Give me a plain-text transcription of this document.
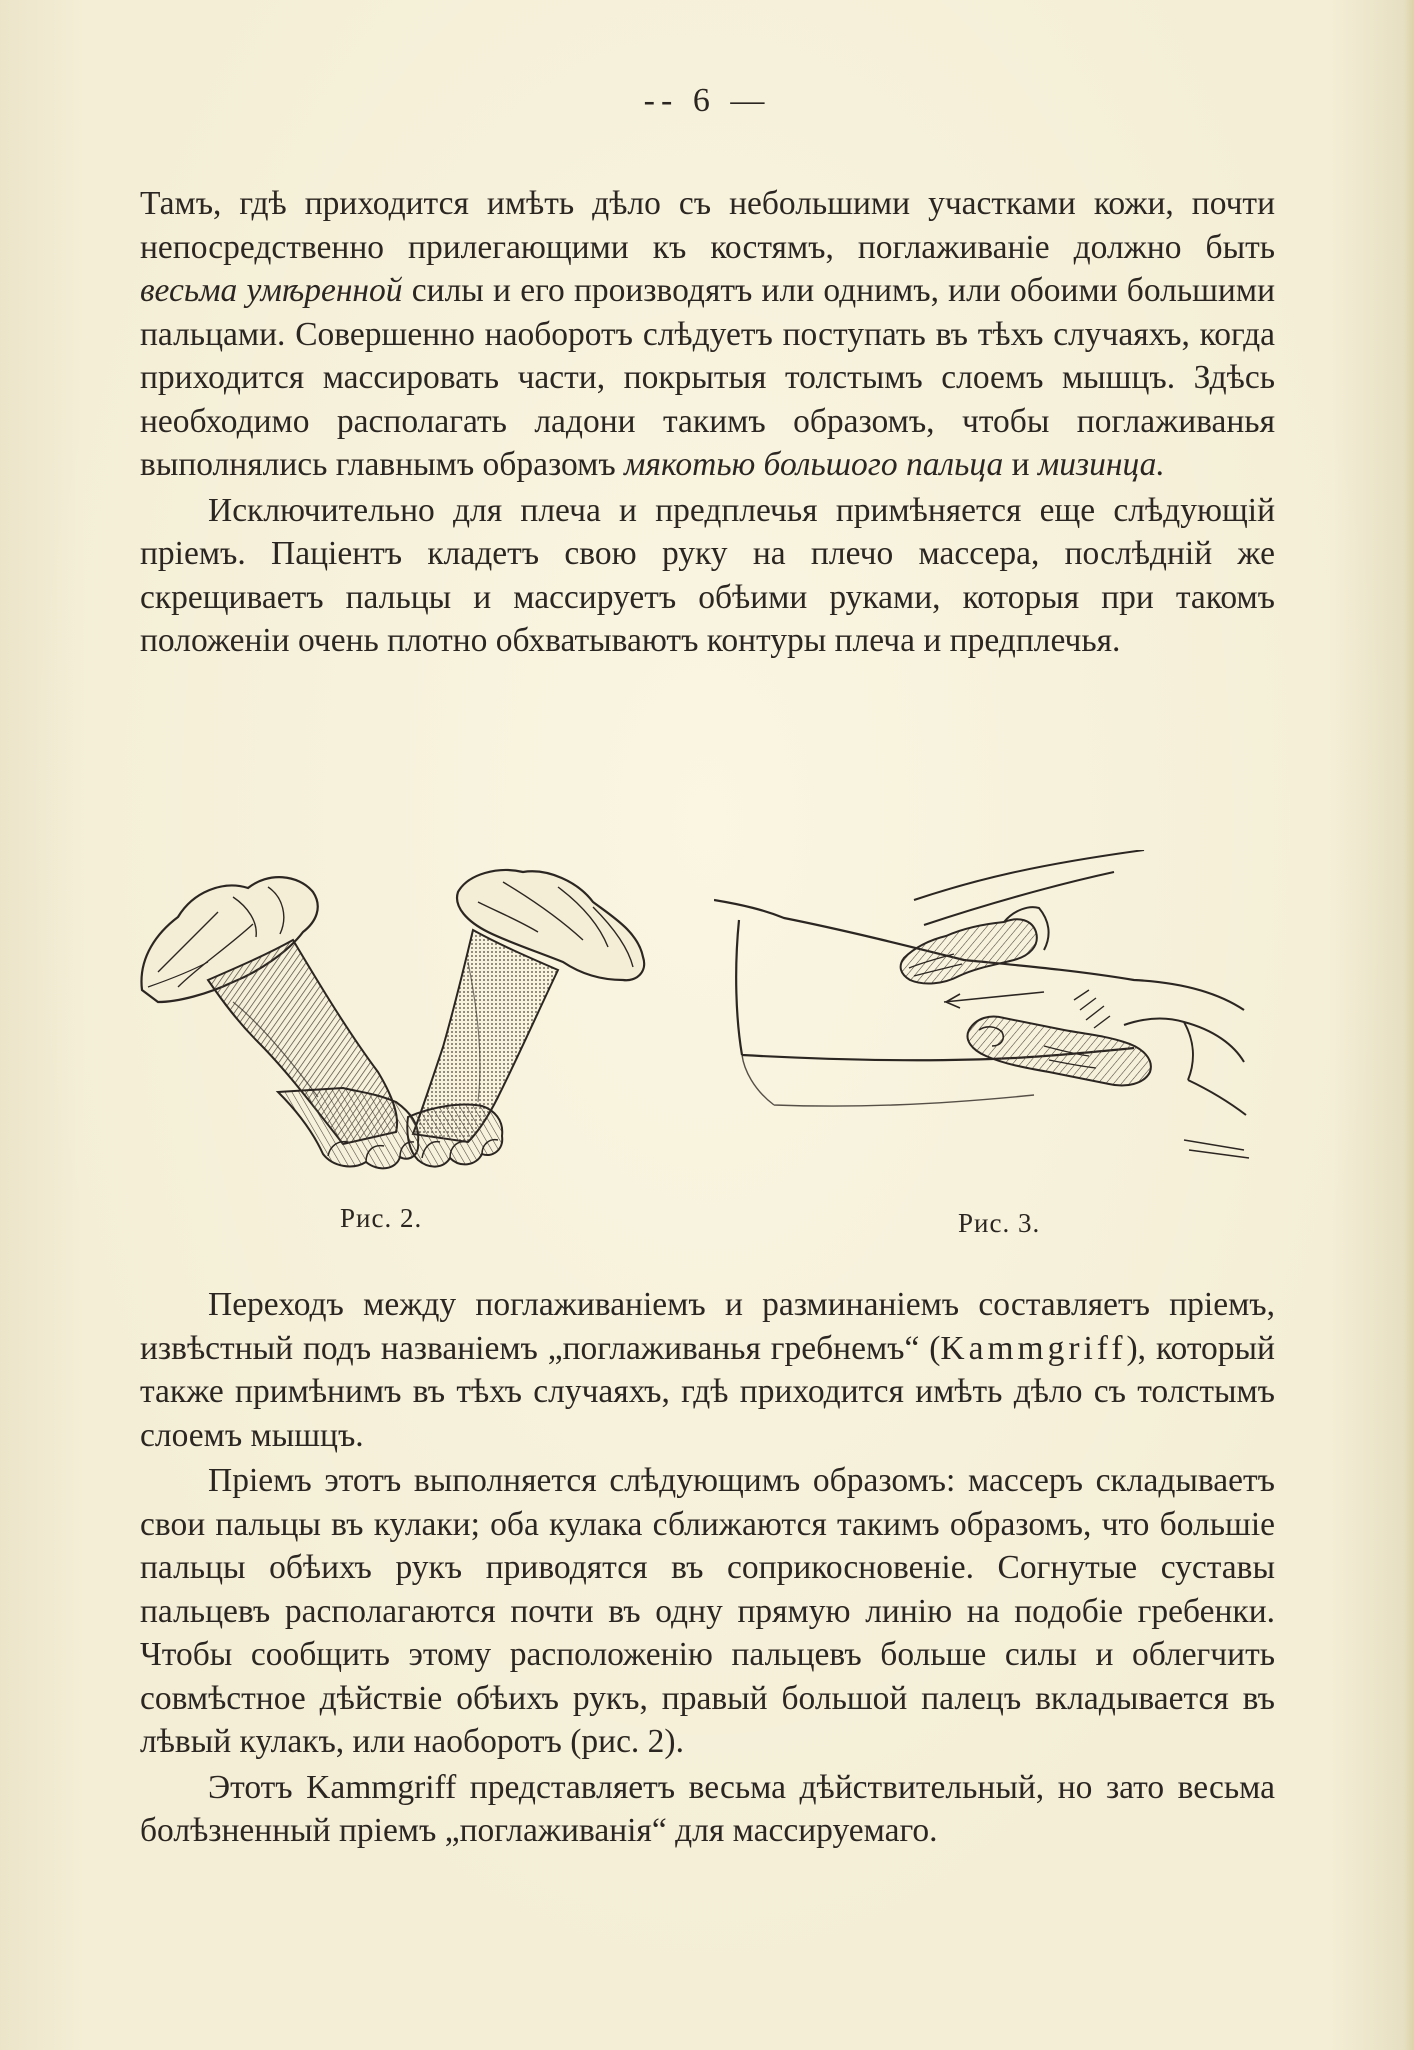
-- 6 —

Тамъ, гдѣ приходится имѣть дѣло съ небольшими участками кожи, почти непосредственно прилегающими къ костямъ, поглаживаніе должно быть весьма умѣренной силы и его производятъ или однимъ, или обоими большими пальцами. Совершенно наоборотъ слѣдуетъ поступать въ тѣхъ случаяхъ, когда приходится массировать части, покрытыя толстымъ слоемъ мышцъ. Здѣсь необходимо располагать ладони такимъ образомъ, чтобы поглаживанья выполнялись главнымъ образомъ мякотью большого пальца и мизинца.

Исключительно для плеча и предплечья примѣняется еще слѣдующій пріемъ. Паціентъ кладетъ свою руку на плечо массера, послѣдній же скрещиваетъ пальцы и массируетъ обѣими руками, которыя при такомъ положеніи очень плотно обхватываютъ контуры плеча и предплечья.

Рис. 2.	Рис. 3.

Переходъ между поглаживаніемъ и разминаніемъ составляетъ пріемъ, извѣстный подъ названіемъ „поглаживанья гребнемъ“ (Kammgriff), который также примѣнимъ въ тѣхъ случаяхъ, гдѣ приходится имѣть дѣло съ толстымъ слоемъ мышцъ.

Пріемъ этотъ выполняется слѣдующимъ образомъ: массеръ складываетъ свои пальцы въ кулаки; оба кулака сближаются такимъ образомъ, что большіе пальцы обѣихъ рукъ приводятся въ соприкосновеніе. Согнутые суставы пальцевъ располагаются почти въ одну прямую линію на подобіе гребенки. Чтобы сообщить этому расположенію пальцевъ больше силы и облегчить совмѣстное дѣйствіе обѣихъ рукъ, правый большой палецъ вкладывается въ лѣвый кулакъ, или наоборотъ (рис. 2).

Этотъ Kammgriff представляетъ весьма дѣйствительный, но зато весьма болѣзненный пріемъ „поглаживанія“ для массируемаго.
